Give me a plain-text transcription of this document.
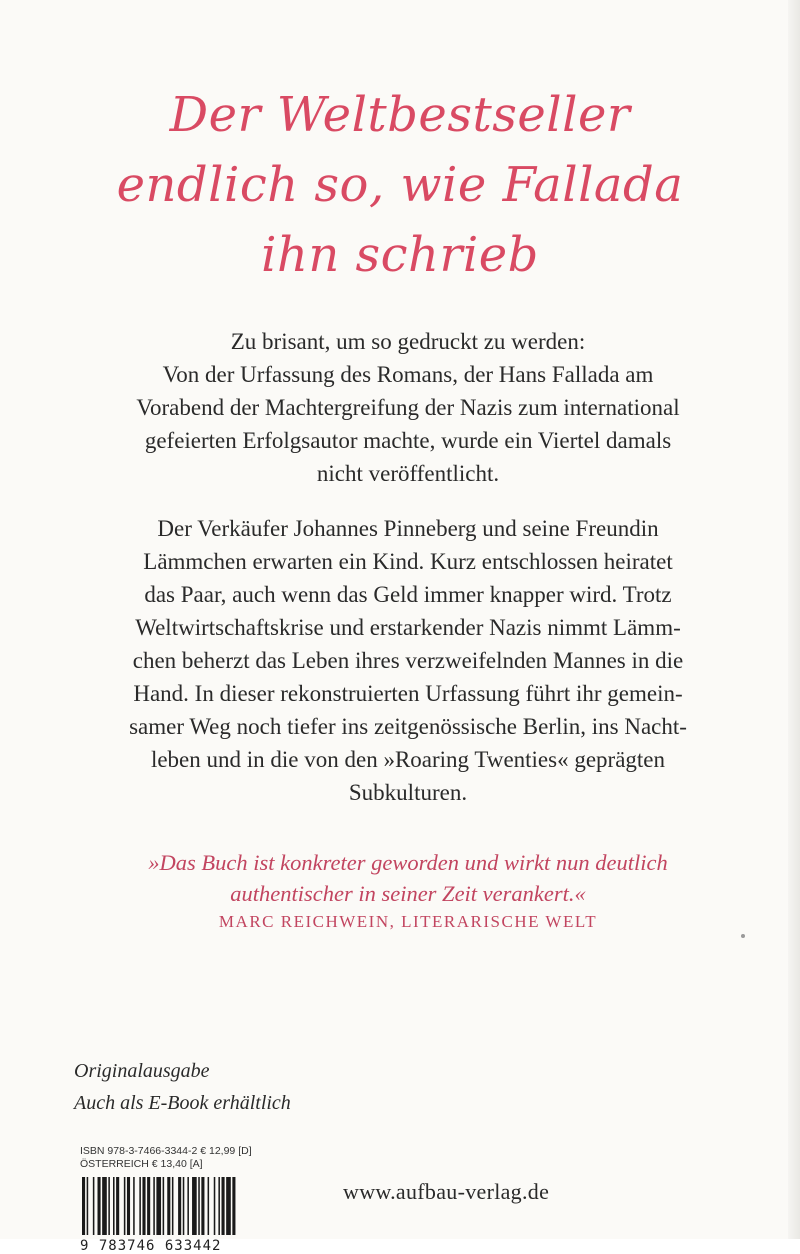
Der Weltbestseller
endlich so, wie Fallada
ihn schrieb
Zu brisant, um so gedruckt zu werden:
Von der Urfassung des Romans, der Hans Fallada am
Vorabend der Machtergreifung der Nazis zum international
gefeierten Erfolgsautor machte, wurde ein Viertel damals
nicht veröffentlicht.
Der Verkäufer Johannes Pinneberg und seine Freundin
Lämmchen erwarten ein Kind. Kurz entschlossen heiratet
das Paar, auch wenn das Geld immer knapper wird. Trotz
Weltwirtschaftskrise und erstarkender Nazis nimmt Lämm-
chen beherzt das Leben ihres verzweifelnden Mannes in die
Hand. In dieser rekonstruierten Urfassung führt ihr gemein-
samer Weg noch tiefer ins zeitgenössische Berlin, ins Nacht-
leben und in die von den »Roaring Twenties« geprägten
Subkulturen.
»Das Buch ist konkreter geworden und wirkt nun deutlich
authentischer in seiner Zeit verankert.«
MARC REICHWEIN, LITERARISCHE WELT
Originalausgabe
Auch als E-Book erhältlich
ISBN 978-3-7466-3344-2 € 12,99 [D]
ÖSTERREICH € 13,40 [A]
9 783746 633442
www.aufbau-verlag.de
